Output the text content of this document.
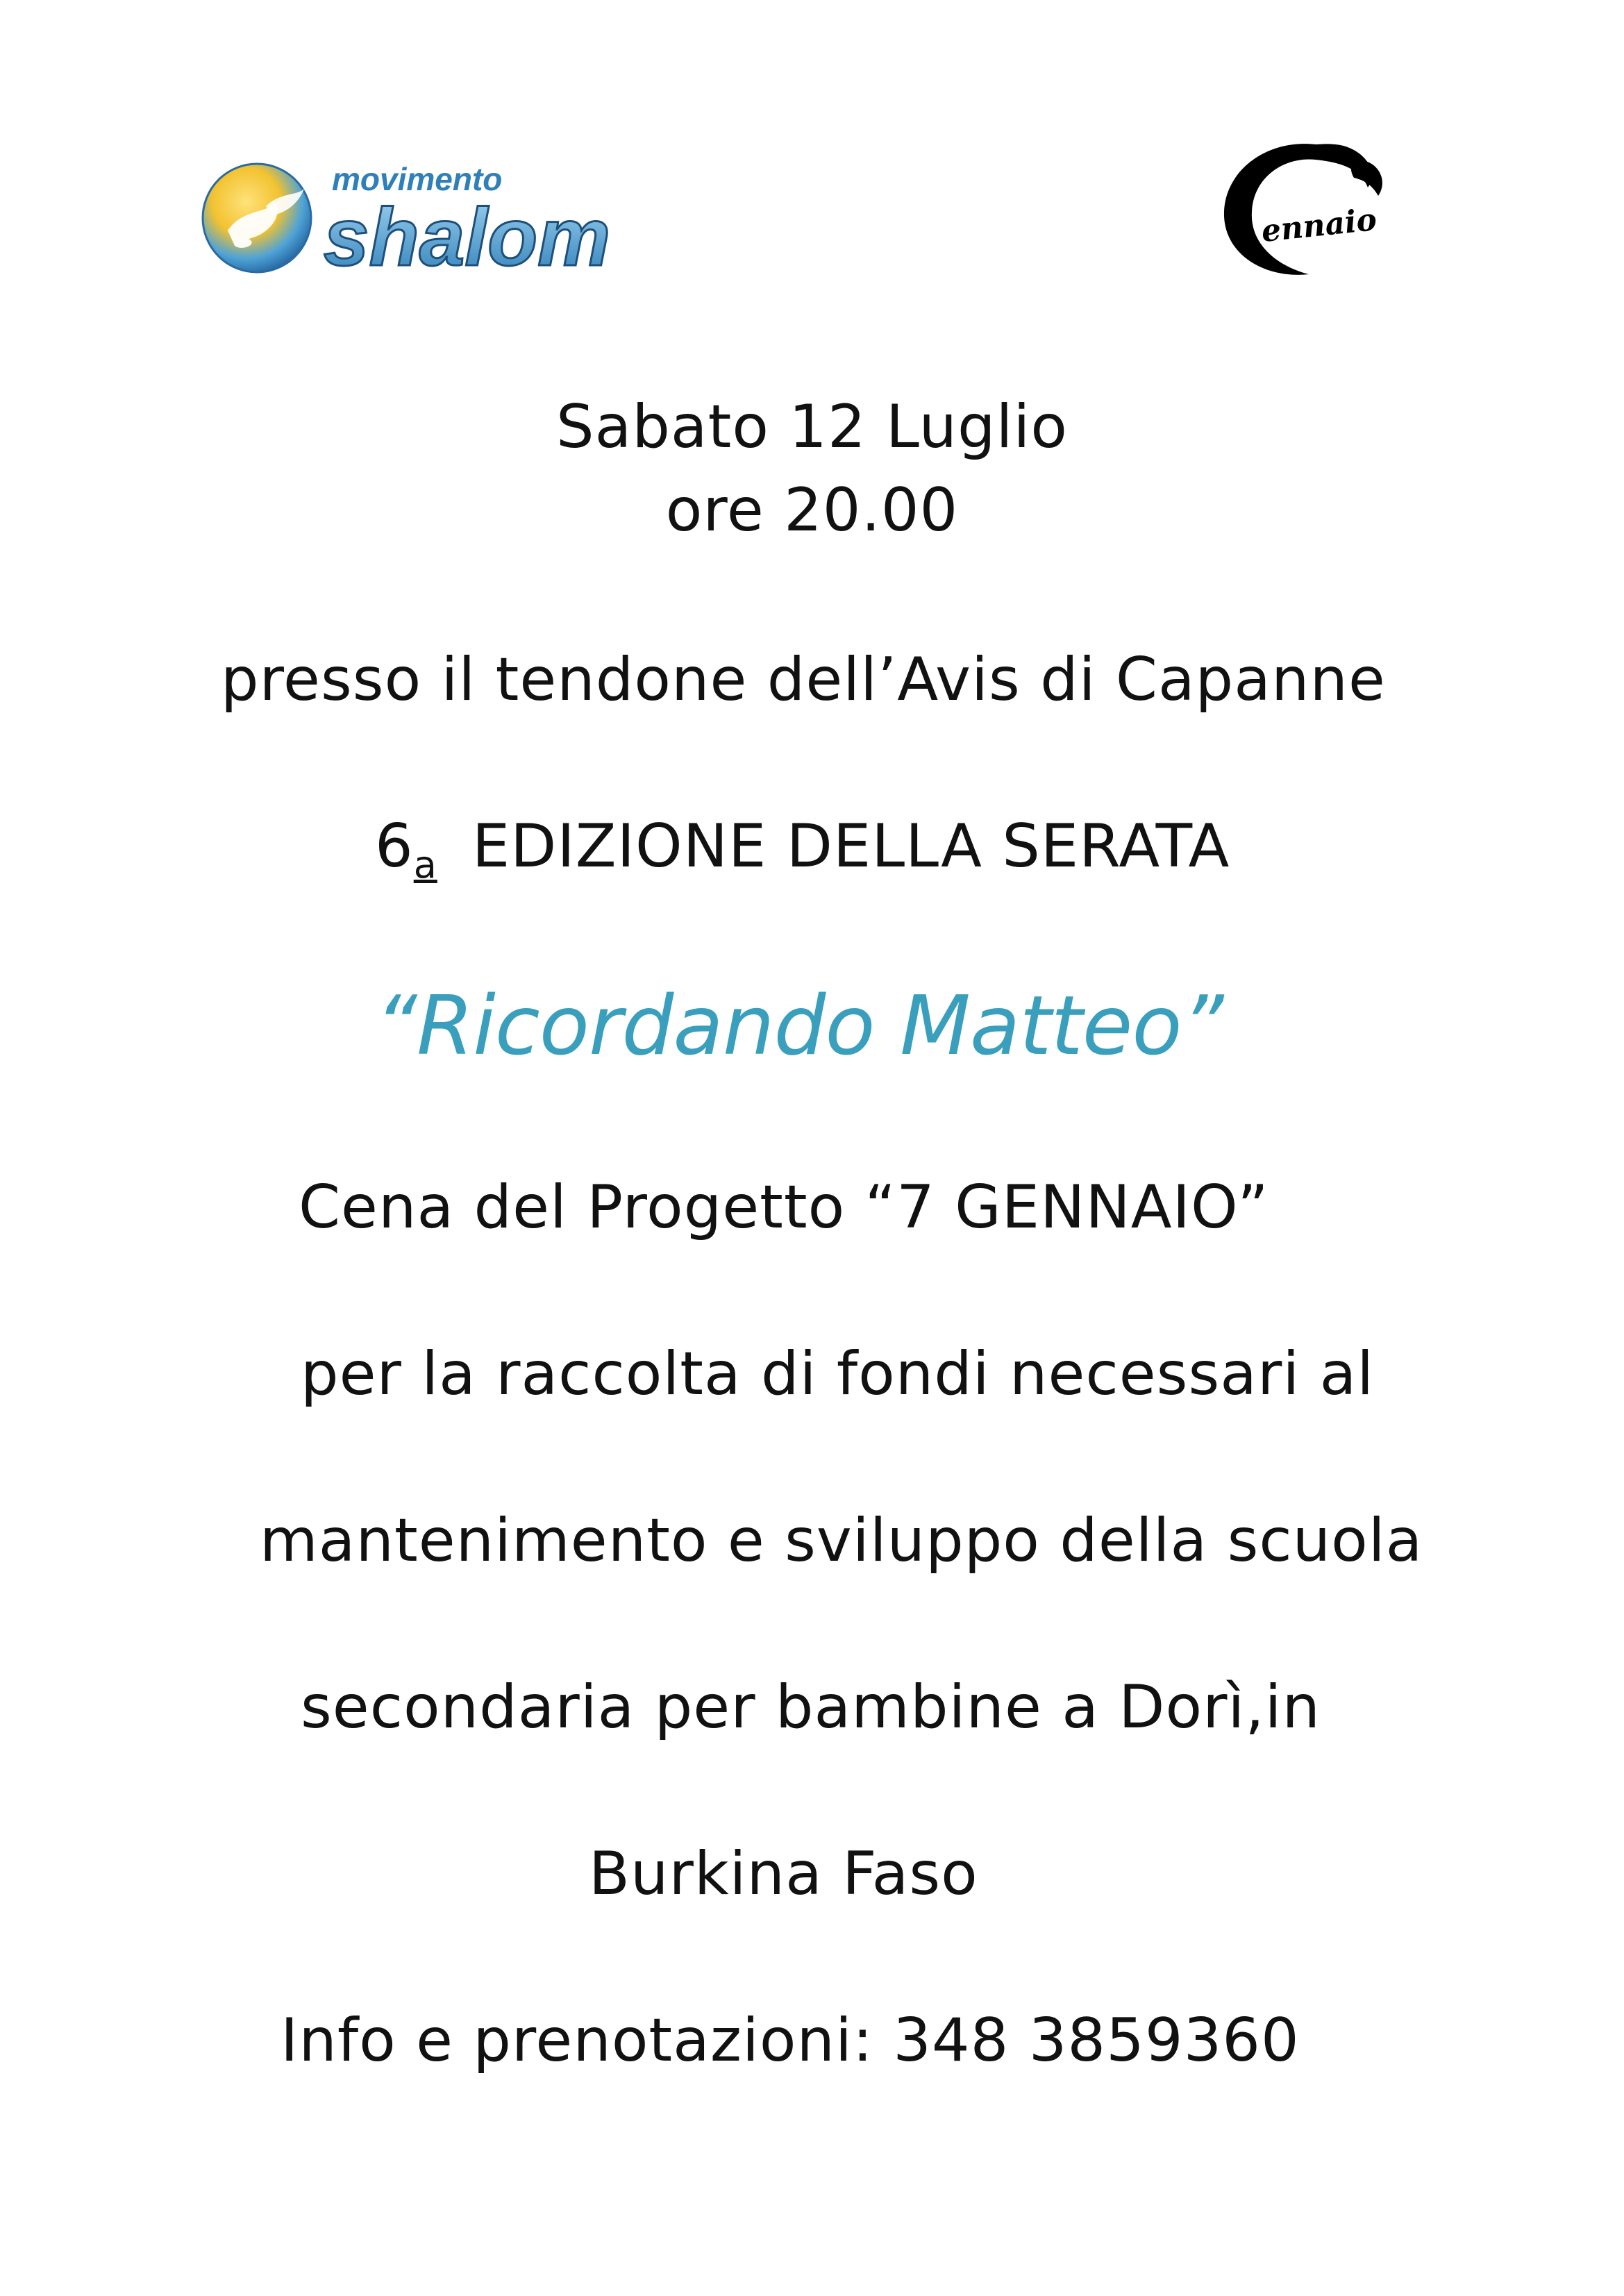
movimento
shalom	ennaio
Sabato 12 Luglio
ore 20.00
presso il tendone dell’Avis di Capanne
6a EDIZIONE DELLA SERATA
“Ricordando Matteo”
Cena del Progetto “7 GENNAIO”
per la raccolta di fondi necessari al
mantenimento e sviluppo della scuola
secondaria per bambine a Dorì,in
Burkina Faso
Info e prenotazioni: 348 3859360
